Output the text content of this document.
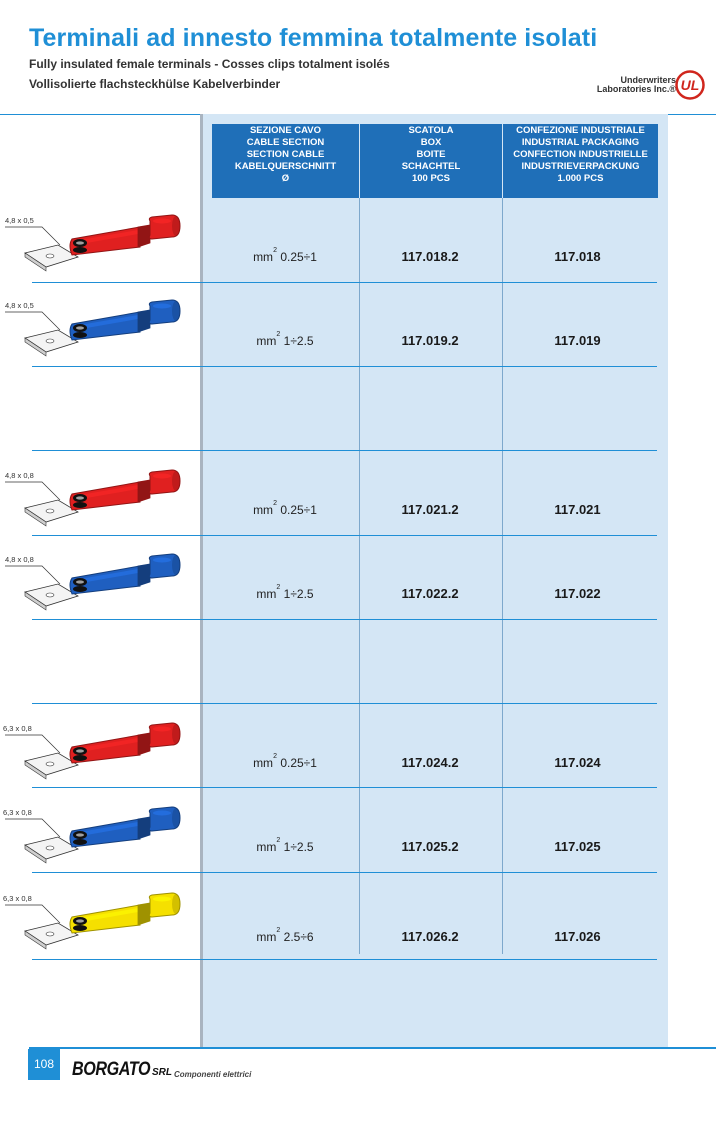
Terminali ad innesto femmina totalmente isolati
Fully insulated female terminals - Cosses clips totalment isolés
Vollisolierte flachsteckhülse Kabelverbinder	Underwriters
Laboratories Inc.® UL
SEZIONE CAVO
CABLE SECTION
SECTION CABLE
KABELQUERSCHNITT
Ø
SCATOLA
BOX
BOITE
SCHACHTEL
100 PCS
CONFEZIONE INDUSTRIALE
INDUSTRIAL PACKAGING
CONFECTION INDUSTRIELLE
INDUSTRIEVERPACKUNG
1.000 PCS
$mm^2$ 0.25÷1	117.018.2	117.018
$mm^2$ 1÷2.5	117.019.2	117.019
$mm^2$ 0.25÷1	117.021.2	117.021
$mm^2$ 1÷2.5	117.022.2	117.022
$mm^2$ 0.25÷1	117.024.2	117.024
$mm^2$ 1÷2.5	117.025.2	117.025
$mm^2$ 2.5÷6	117.026.2	117.026
4,8 x 0,5
4,8 x 0,5
4,8 x 0,8
4,8 x 0,8
6,3 x 0,8
6,3 x 0,8
6,3 x 0,8
108 BORGATO SRL Componenti elettrici
